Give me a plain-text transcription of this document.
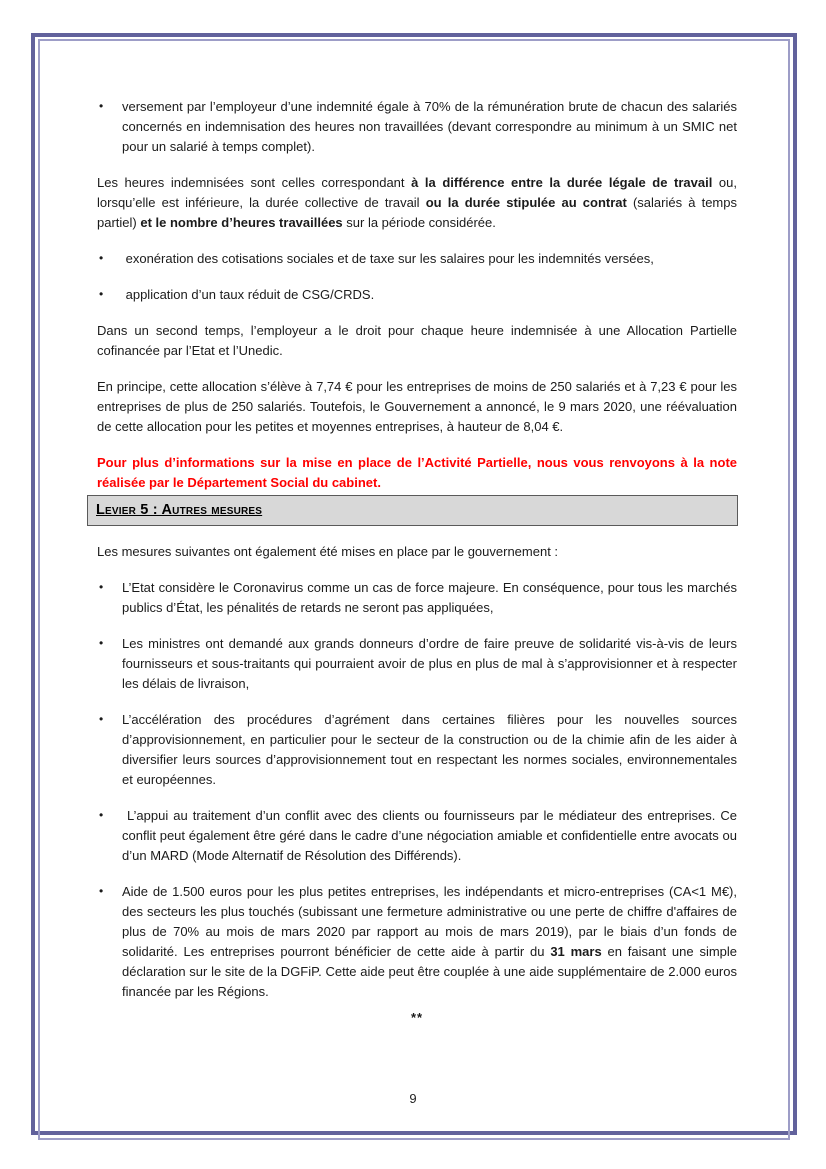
• versement par l’employeur d’une indemnité égale à 70% de la rémunération brute de chacun des salariés concernés en indemnisation des heures non travaillées (devant correspondre au minimum à un SMIC net pour un salarié à temps complet).
Les heures indemnisées sont celles correspondant à la différence entre la durée légale de travail ou, lorsqu’elle est inférieure, la durée collective de travail ou la durée stipulée au contrat (salariés à temps partiel) et le nombre d’heures travaillées sur la période considérée.
• exonération des cotisations sociales et de taxe sur les salaires pour les indemnités versées,
• application d’un taux réduit de CSG/CRDS.
Dans un second temps, l’employeur a le droit pour chaque heure indemnisée à une Allocation Partielle cofinancée par l’Etat et l’Unedic.
En principe, cette allocation s’élève à 7,74 € pour les entreprises de moins de 250 salariés et à 7,23 € pour les entreprises de plus de 250 salariés. Toutefois, le Gouvernement a annoncé, le 9 mars 2020, une réévaluation de cette allocation pour les petites et moyennes entreprises, à hauteur de 8,04 €.
Pour plus d’informations sur la mise en place de l’Activité Partielle, nous vous renvoyons à la note réalisée par le Département Social du cabinet.
Levier 5 : Autres mesures
Les mesures suivantes ont également été mises en place par le gouvernement :
• L’Etat considère le Coronavirus comme un cas de force majeure. En conséquence, pour tous les marchés publics d’État, les pénalités de retards ne seront pas appliquées,
• Les ministres ont demandé aux grands donneurs d’ordre de faire preuve de solidarité vis-à-vis de leurs fournisseurs et sous-traitants qui pourraient avoir de plus en plus de mal à s’approvisionner et à respecter les délais de livraison,
• L’accélération des procédures d’agrément dans certaines filières pour les nouvelles sources d’approvisionnement, en particulier pour le secteur de la construction ou de la chimie afin de les aider à diversifier leurs sources d’approvisionnement tout en respectant les normes sociales, environnementales et européennes.
• L’appui au traitement d’un conflit avec des clients ou fournisseurs par le médiateur des entreprises. Ce conflit peut également être géré dans le cadre d’une négociation amiable et confidentielle entre avocats ou d’un MARD (Mode Alternatif de Résolution des Différends).
• Aide de 1.500 euros pour les plus petites entreprises, les indépendants et micro-entreprises (CA<1 M€), des secteurs les plus touchés (subissant une fermeture administrative ou une perte de chiffre d'affaires de plus de 70% au mois de mars 2020 par rapport au mois de mars 2019), par le biais d’un fonds de solidarité. Les entreprises pourront bénéficier de cette aide à partir du 31 mars en faisant une simple déclaration sur le site de la DGFiP. Cette aide peut être couplée à une aide supplémentaire de 2.000 euros financée par les Régions.
**
9
